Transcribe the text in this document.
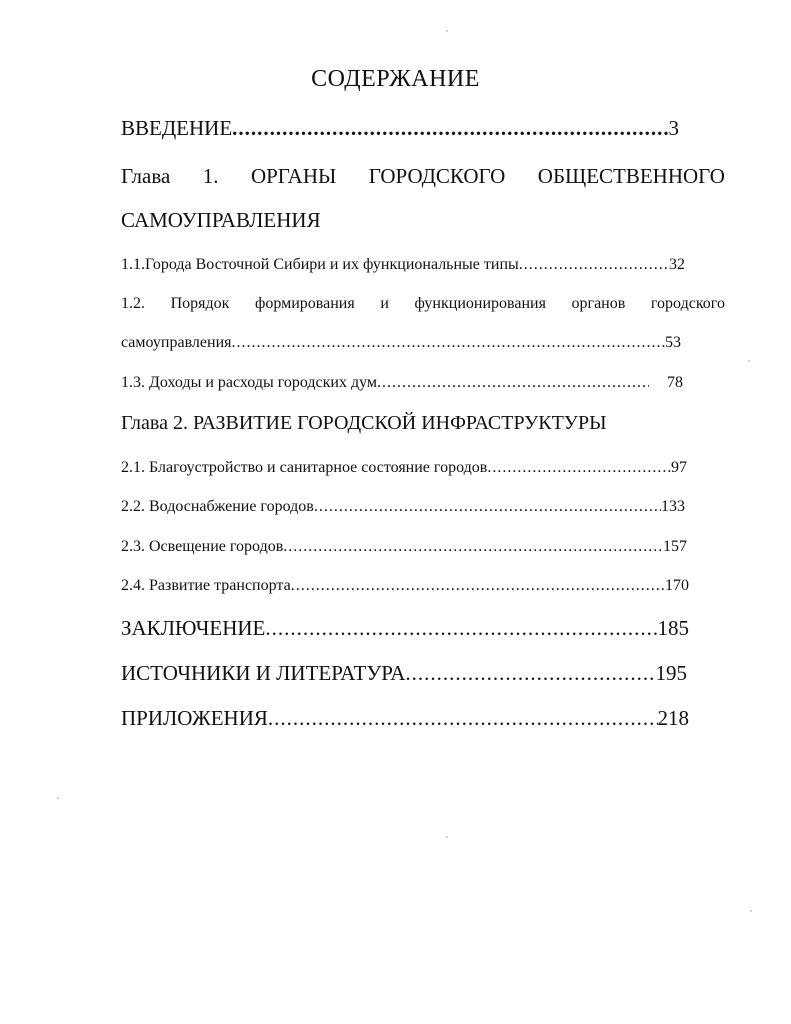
СОДЕРЖАНИЕ
ВВЕДЕНИЕ .....	3
Глава 1. ОРГАНЫ ГОРОДСКОГО ОБЩЕСТВЕННОГО
САМОУПРАВЛЕНИЯ
1.1.Города Восточной Сибири и их функциональные типы .....	32
1.2. Порядок формирования и функционирования органов городского
самоуправления .....	53
1.3. Доходы и расходы городских дум .....	78
Глава 2. РАЗВИТИЕ ГОРОДСКОЙ ИНФРАСТРУКТУРЫ
2.1. Благоустройство и санитарное состояние городов .....	97
2.2. Водоснабжение городов .....	133
2.3. Освещение городов .....	157
2.4. Развитие транспорта .....	170
ЗАКЛЮЧЕНИЕ .....	185
ИСТОЧНИКИ И ЛИТЕРАТУРА .....	195
ПРИЛОЖЕНИЯ .....	218
